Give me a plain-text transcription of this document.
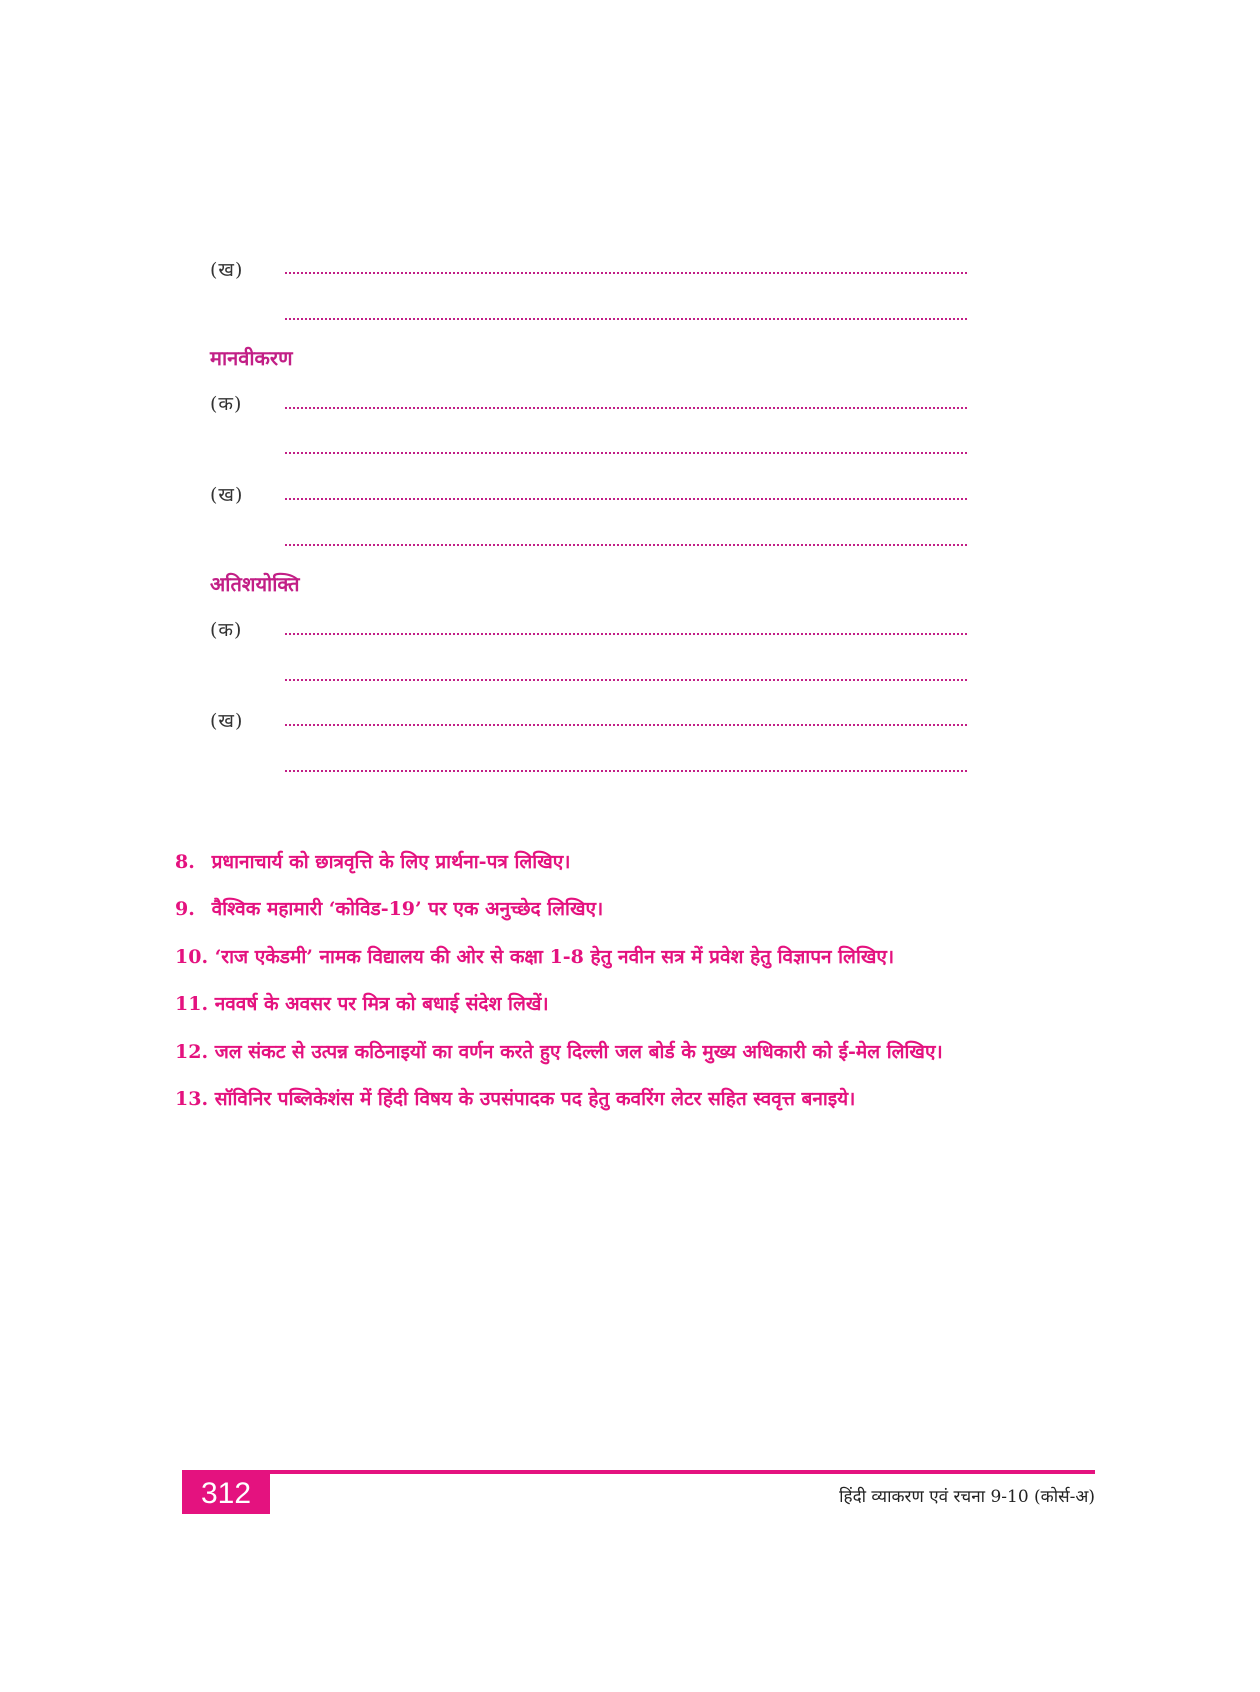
(ख)
मानवीकरण
(क)
(ख)
अतिशयोक्ति
(क)
(ख)
8. प्रधानाचार्य को छात्रवृत्ति के लिए प्रार्थना-पत्र लिखिए।
9. वैश्विक महामारी ‘कोविड-19’ पर एक अनुच्छेद लिखिए।
10. ‘राज एकेडमी’ नामक विद्यालय की ओर से कक्षा 1-8 हेतु नवीन सत्र में प्रवेश हेतु विज्ञापन लिखिए।
11. नववर्ष के अवसर पर मित्र को बधाई संदेश लिखें।
12. जल संकट से उत्पन्न कठिनाइयों का वर्णन करते हुए दिल्ली जल बोर्ड के मुख्य अधिकारी को ई-मेल लिखिए।
13. सॉविनिर पब्लिकेशंस में हिंदी विषय के उपसंपादक पद हेतु कवरिंग लेटर सहित स्ववृत्त बनाइये।
312	हिंदी व्याकरण एवं रचना 9-10 (कोर्स-अ)
